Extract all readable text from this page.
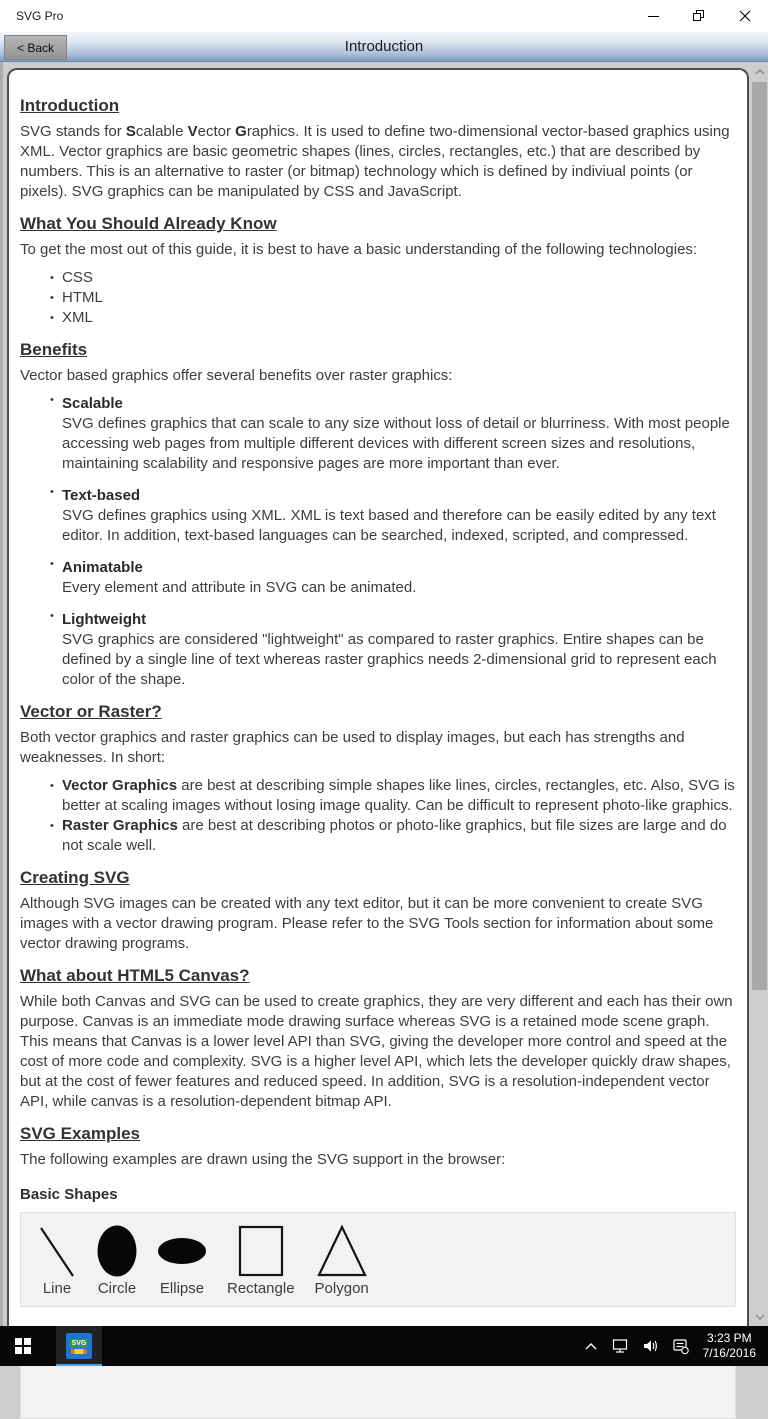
SVG Pro
< Back	Introduction
Introduction

SVG stands for Scalable Vector Graphics. It is used to define two-dimensional vector-based graphics using XML. Vector graphics are basic geometric shapes (lines, circles, rectangles, etc.) that are described by numbers. This is an alternative to raster (or bitmap) technology which is defined by indiviual points (or pixels). SVG graphics can be manipulated by CSS and JavaScript.

What You Should Already Know

To get the most out of this guide, it is best to have a basic understanding of the following technologies:

• CSS
• HTML
• XML
Benefits

Vector based graphics offer several benefits over raster graphics:

• Scalable
SVG defines graphics that can scale to any size without loss of detail or blurriness. With most people accessing web pages from multiple different devices with different screen sizes and resolutions, maintaining scalability and responsive pages are more important than ever.
• Text-based
SVG defines graphics using XML. XML is text based and therefore can be easily edited by any text editor. In addition, text-based languages can be searched, indexed, scripted, and compressed.
• Animatable
Every element and attribute in SVG can be animated.
• Lightweight
SVG graphics are considered "lightweight" as compared to raster graphics. Entire shapes can be defined by a single line of text whereas raster graphics needs 2-dimensional grid to represent each color of the shape.
Vector or Raster?

Both vector graphics and raster graphics can be used to display images, but each has strengths and weaknesses. In short:

• Vector Graphics are best at describing simple shapes like lines, circles, rectangles, etc. Also, SVG is better at scaling images without losing image quality. Can be difficult to represent photo-like graphics.
• Raster Graphics are best at describing photos or photo-like graphics, but file sizes are large and do not scale well.
Creating SVG

Although SVG images can be created with any text editor, but it can be more convenient to create SVG images with a vector drawing program. Please refer to the SVG Tools section for information about some vector drawing programs.

What about HTML5 Canvas?

While both Canvas and SVG can be used to create graphics, they are very different and each has their own purpose. Canvas is an immediate mode drawing surface whereas SVG is a retained mode scene graph. This means that Canvas is a lower level API than SVG, giving the developer more control and speed at the cost of more code and complexity. SVG is a higher level API, which lets the developer quickly draw shapes, but at the cost of fewer features and reduced speed. In addition, SVG is a resolution-independent vector API, while canvas is a resolution-dependent bitmap API.

SVG Examples

The following examples are drawn using the SVG support in the browser:

Basic Shapes
Line Circle Ellipse Rectangle Polygon
SVG	3:23 PM
7/16/2016
